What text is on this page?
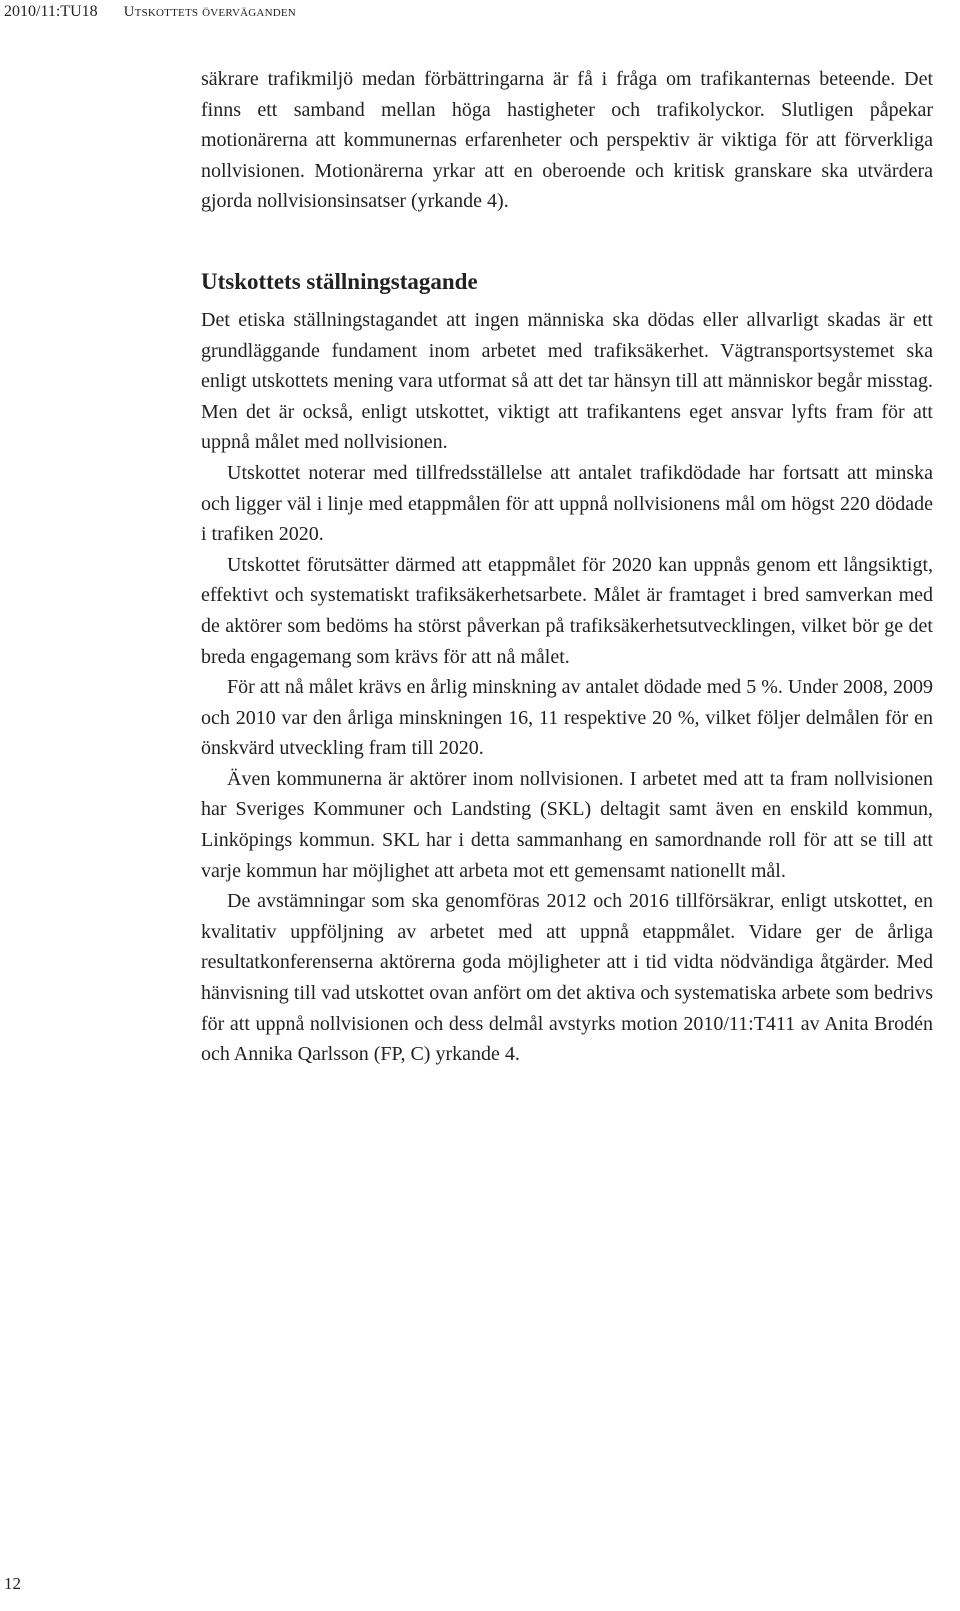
2010/11:TU18 Utskottets överväganden

säkrare trafikmiljö medan förbättringarna är få i fråga om trafikanternas beteende. Det finns ett samband mellan höga hastigheter och trafikolyckor. Slutligen påpekar motionärerna att kommunernas erfarenheter och perspektiv är viktiga för att förverkliga nollvisionen. Motionärerna yrkar att en oberoende och kritisk granskare ska utvärdera gjorda nollvisionsinsatser (yrkande 4).

Utskottets ställningstagande

Det etiska ställningstagandet att ingen människa ska dödas eller allvarligt skadas är ett grundläggande fundament inom arbetet med trafiksäkerhet. Vägtransportsystemet ska enligt utskottets mening vara utformat så att det tar hänsyn till att människor begår misstag. Men det är också, enligt utskottet, viktigt att trafikantens eget ansvar lyfts fram för att uppnå målet med nollvisionen.

Utskottet noterar med tillfredsställelse att antalet trafikdödade har fortsatt att minska och ligger väl i linje med etappmålen för att uppnå nollvisionens mål om högst 220 dödade i trafiken 2020.

Utskottet förutsätter därmed att etappmålet för 2020 kan uppnås genom ett långsiktigt, effektivt och systematiskt trafiksäkerhetsarbete. Målet är framtaget i bred samverkan med de aktörer som bedöms ha störst påverkan på trafiksäkerhetsutvecklingen, vilket bör ge det breda engagemang som krävs för att nå målet.

För att nå målet krävs en årlig minskning av antalet dödade med 5 %. Under 2008, 2009 och 2010 var den årliga minskningen 16, 11 respektive 20 %, vilket följer delmålen för en önskvärd utveckling fram till 2020.

Även kommunerna är aktörer inom nollvisionen. I arbetet med att ta fram nollvisionen har Sveriges Kommuner och Landsting (SKL) deltagit samt även en enskild kommun, Linköpings kommun. SKL har i detta sammanhang en samordnande roll för att se till att varje kommun har möjlighet att arbeta mot ett gemensamt nationellt mål.

De avstämningar som ska genomföras 2012 och 2016 tillförsäkrar, enligt utskottet, en kvalitativ uppföljning av arbetet med att uppnå etappmålet. Vidare ger de årliga resultatkonferenserna aktörerna goda möjligheter att i tid vidta nödvändiga åtgärder. Med hänvisning till vad utskottet ovan anfört om det aktiva och systematiska arbete som bedrivs för att uppnå nollvisionen och dess delmål avstyrks motion 2010/11:T411 av Anita Brodén och Annika Qarlsson (FP, C) yrkande 4.

12
